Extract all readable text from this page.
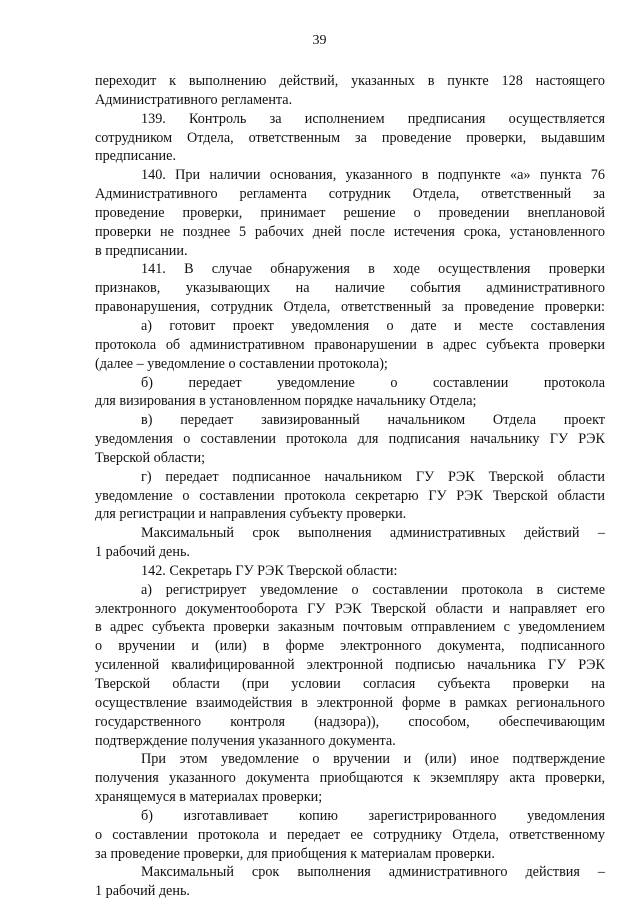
39
переходит к выполнению действий, указанных в пункте 128 настоящего
Административного регламента.
139. Контроль за исполнением предписания осуществляется
сотрудником Отдела, ответственным за проведение проверки, выдавшим
предписание.
140. При наличии основания, указанного в подпункте «а» пункта 76
Административного регламента сотрудник Отдела, ответственный за
проведение проверки, принимает решение о проведении внеплановой
проверки не позднее 5 рабочих дней после истечения срока, установленного
в предписании.
141. В случае обнаружения в ходе осуществления проверки
признаков, указывающих на наличие события административного
правонарушения, сотрудник Отдела, ответственный за проведение проверки:
а) готовит проект уведомления о дате и месте составления
протокола об административном правонарушении в адрес субъекта проверки
(далее – уведомление о составлении протокола);
б) передает уведомление о составлении протокола
для визирования в установленном порядке начальнику Отдела;
в) передает завизированный начальником Отдела проект
уведомления о составлении протокола для подписания начальнику ГУ РЭК
Тверской области;
г) передает подписанное начальником ГУ РЭК Тверской области
уведомление о составлении протокола секретарю ГУ РЭК Тверской области
для регистрации и направления субъекту проверки.
Максимальный срок выполнения административных действий –
1 рабочий день.
142. Секретарь ГУ РЭК Тверской области:
а) регистрирует уведомление о составлении протокола в системе
электронного документооборота ГУ РЭК Тверской области и направляет его
в адрес субъекта проверки заказным почтовым отправлением с уведомлением
о вручении и (или) в форме электронного документа, подписанного
усиленной квалифицированной электронной подписью начальника ГУ РЭК
Тверской области (при условии согласия субъекта проверки на
осуществление взаимодействия в электронной форме в рамках регионального
государственного контроля (надзора)), способом, обеспечивающим
подтверждение получения указанного документа.
При этом уведомление о вручении и (или) иное подтверждение
получения указанного документа приобщаются к экземпляру акта проверки,
хранящемуся в материалах проверки;
б) изготавливает копию зарегистрированного уведомления
о составлении протокола и передает ее сотруднику Отдела, ответственному
за проведение проверки, для приобщения к материалам проверки.
Максимальный срок выполнения административного действия –
1 рабочий день.
